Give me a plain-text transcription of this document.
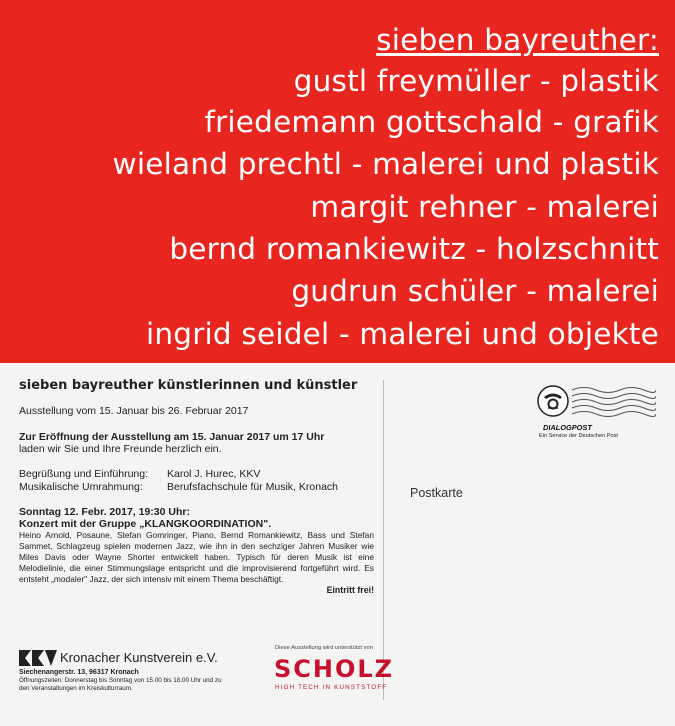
sieben bayreuther:
gustl freymüller - plastik
friedemann gottschald - grafik
wieland prechtl - malerei und plastik
margit rehner - malerei
bernd romankiewitz - holzschnitt
gudrun schüler - malerei
ingrid seidel - malerei und objekte
sieben bayreuther künstlerinnen und künstler
Ausstellung vom 15. Januar bis 26. Februar 2017
Zur Eröffnung der Ausstellung am 15. Januar 2017 um 17 Uhr
laden wir Sie und Ihre Freunde herzlich ein.
Begrüßung und Einführung:	Karol J. Hurec, KKV
Musikalische Umrahmung:	Berufsfachschule für Musik, Kronach
Sonntag 12. Febr. 2017, 19:30 Uhr:
Konzert mit der Gruppe „KLANGKOORDINATION".
Heino Arnold, Posaune, Stefan Gomringer, Piano, Bernd Romankiewitz, Bass und Stefan Sammet, Schlagzeug spielen modernen Jazz, wie ihn in den sechziger Jahren Musiker wie Miles Davis oder Wayne Shorter entwickelt haben. Typisch für deren Musik ist eine Melodielinie, die einer Stimmungslage entspricht und die improvisierend fortgeführt wird. Es entsteht „modaler" Jazz, der sich intensiv mit einem Thema beschäftigt.
Eintritt frei!
DIALOGPOST
Ein Service der Deutschen Post
Postkarte
Kronacher Kunstverein e.V.
Siechenangerstr. 13, 96317 Kronach
Öffnungszeiten: Donnerstag bis Sonntag von 15.00 bis 18.00 Uhr und zu den Veranstaltungen im Kreiskulturraum.
Diese Ausstellung wird unterstützt von
SCHOLZ
HIGH TECH IN KUNSTSTOFF
